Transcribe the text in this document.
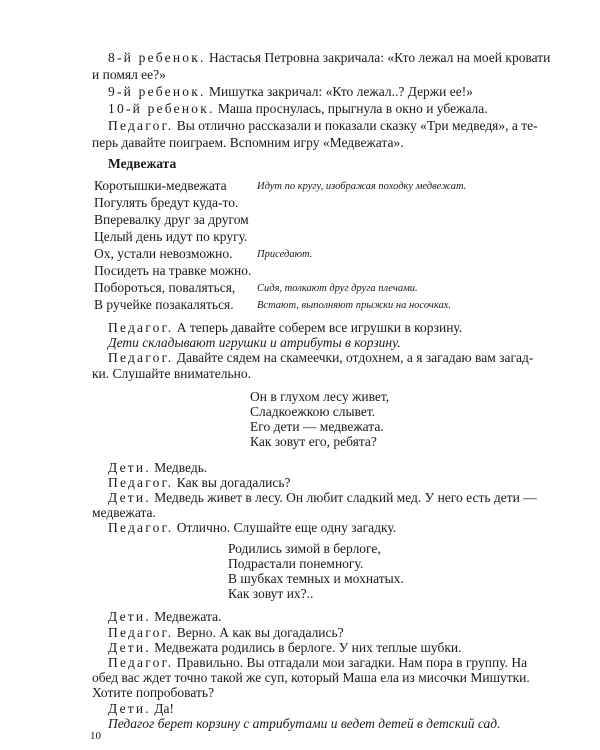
8-й ребенок. Настасья Петровна закричала: «Кто лежал на моей кровати
и помял ее?»
9-й ребенок. Мишутка закричал: «Кто лежал..? Держи ее!»
10-й ребенок. Маша проснулась, прыгнула в окно и убежала.
Педагог. Вы отлично рассказали и показали сказку «Три медведя», а те-
перь давайте поиграем. Вспомним игру «Медвежата».
Медвежата
Коротышки-медвежата
Погулять бредут куда-то.
Вперевалку друг за другом
Целый день идут по кругу.
Ох, устали невозможно.
Посидеть на травке можно.
Побороться, поваляться,
В ручейке позакаляться.
Идут по кругу, изображая походку медвежат.
Приседают.
Сидя, толкают друг друга плечами.
Встают, выполняют прыжки на носочках.
Педагог. А теперь давайте соберем все игрушки в корзину.
Дети складывают игрушки и атрибуты в корзину.
Педагог. Давайте сядем на скамеечки, отдохнем, а я загадаю вам загад-
ки. Слушайте внимательно.
Он в глухом лесу живет,
Сладкоежкою слывет.
Его дети — медвежата.
Как зовут его, ребята?
Дети. Медведь.
Педагог. Как вы догадались?
Дети. Медведь живет в лесу. Он любит сладкий мед. У него есть дети —
медвежата.
Педагог. Отлично. Слушайте еще одну загадку.
Родились зимой в берлоге,
Подрастали понемногу.
В шубках темных и мохнатых.
Как зовут их?..
Дети. Медвежата.
Педагог. Верно. А как вы догадались?
Дети. Медвежата родились в берлоге. У них теплые шубки.
Педагог. Правильно. Вы отгадали мои загадки. Нам пора в группу. На
обед вас ждет точно такой же суп, который Маша ела из мисочки Мишутки.
Хотите попробовать?
Дети. Да!
Педагог берет корзину с атрибутами и ведет детей в детский сад.
10
